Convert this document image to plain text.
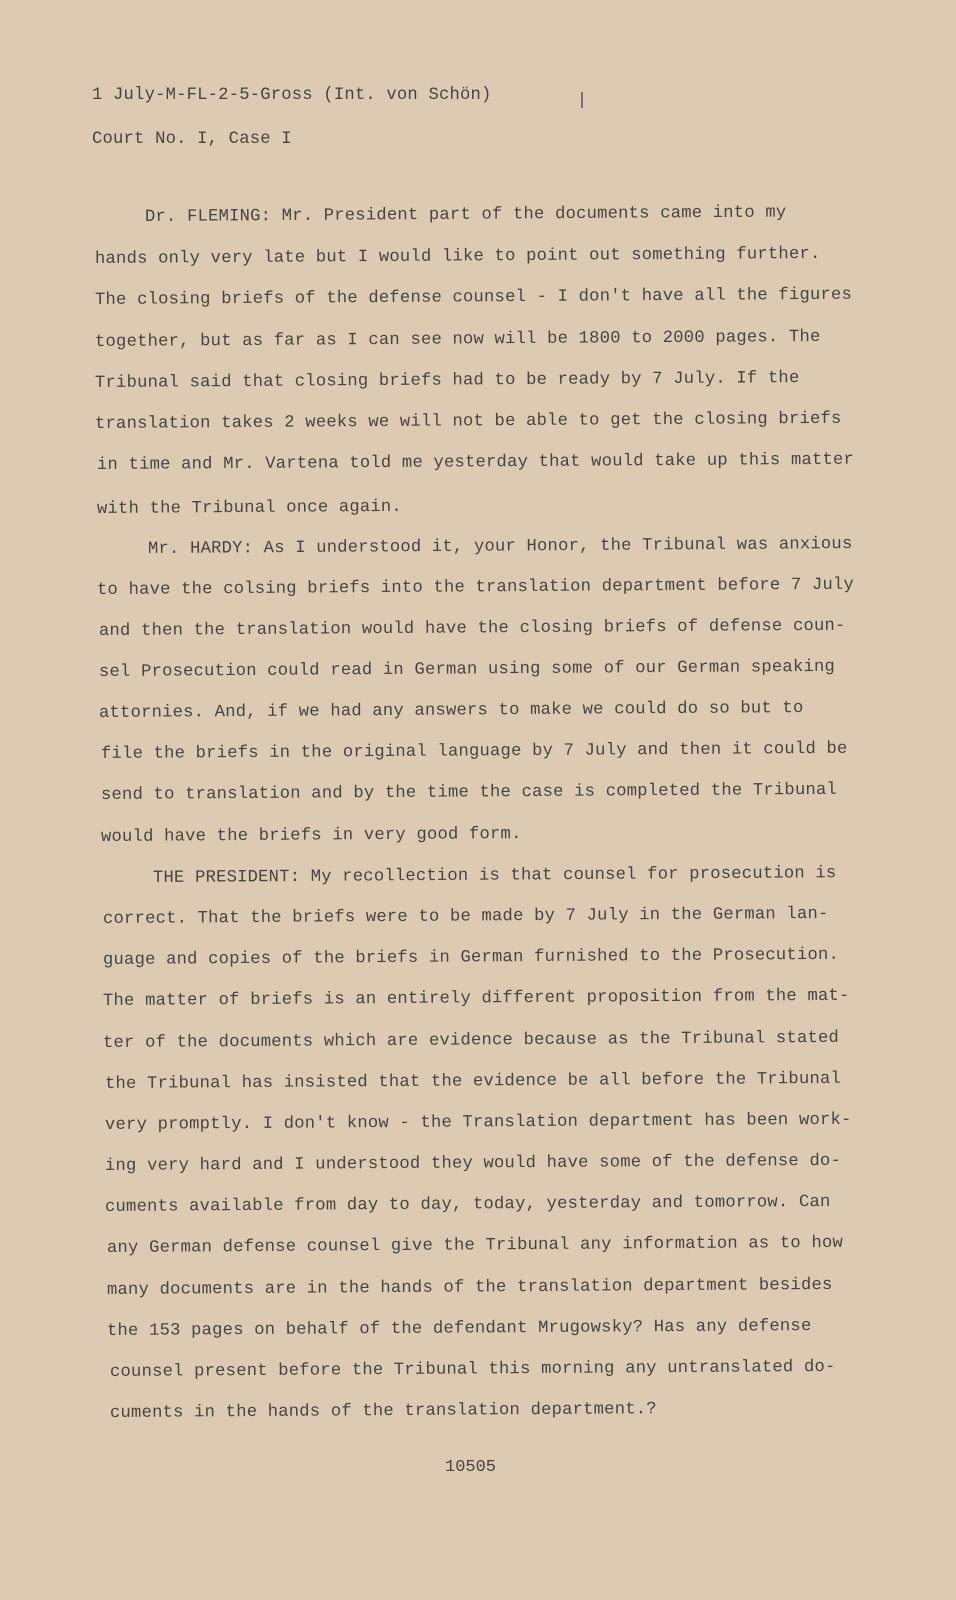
1 July-M-FL-2-5-Gross (Int. von Schön)
Court No. I, Case I
Dr. FLEMING: Mr. President part of the documents came into my
hands only very late but I would like to point out something further.
The closing briefs of the defense counsel - I don't have all the figures
together, but as far as I can see now will be 1800 to 2000 pages. The
Tribunal said that closing briefs had to be ready by 7 July. If the
translation takes 2 weeks we will not be able to get the closing briefs
in time and Mr. Vartena told me yesterday that would take up this matter
with the Tribunal once again.
Mr. HARDY: As I understood it, your Honor, the Tribunal was anxious
to have the colsing briefs into the translation department before 7 July
and then the translation would have the closing briefs of defense coun-
sel Prosecution could read in German using some of our German speaking
attornies. And, if we had any answers to make we could do so but to
file the briefs in the original language by 7 July and then it could be
send to translation and by the time the case is completed the Tribunal
would have the briefs in very good form.
THE PRESIDENT: My recollection is that counsel for prosecution is
correct. That the briefs were to be made by 7 July in the German lan-
guage and copies of the briefs in German furnished to the Prosecution.
The matter of briefs is an entirely different proposition from the mat-
ter of the documents which are evidence because as the Tribunal stated
the Tribunal has insisted that the evidence be all before the Tribunal
very promptly. I don't know - the Translation department has been work-
ing very hard and I understood they would have some of the defense do-
cuments available from day to day, today, yesterday and tomorrow. Can
any German defense counsel give the Tribunal any information as to how
many documents are in the hands of the translation department besides
the 153 pages on behalf of the defendant Mrugowsky? Has any defense
counsel present before the Tribunal this morning any untranslated do-
cuments in the hands of the translation department.?
10505
